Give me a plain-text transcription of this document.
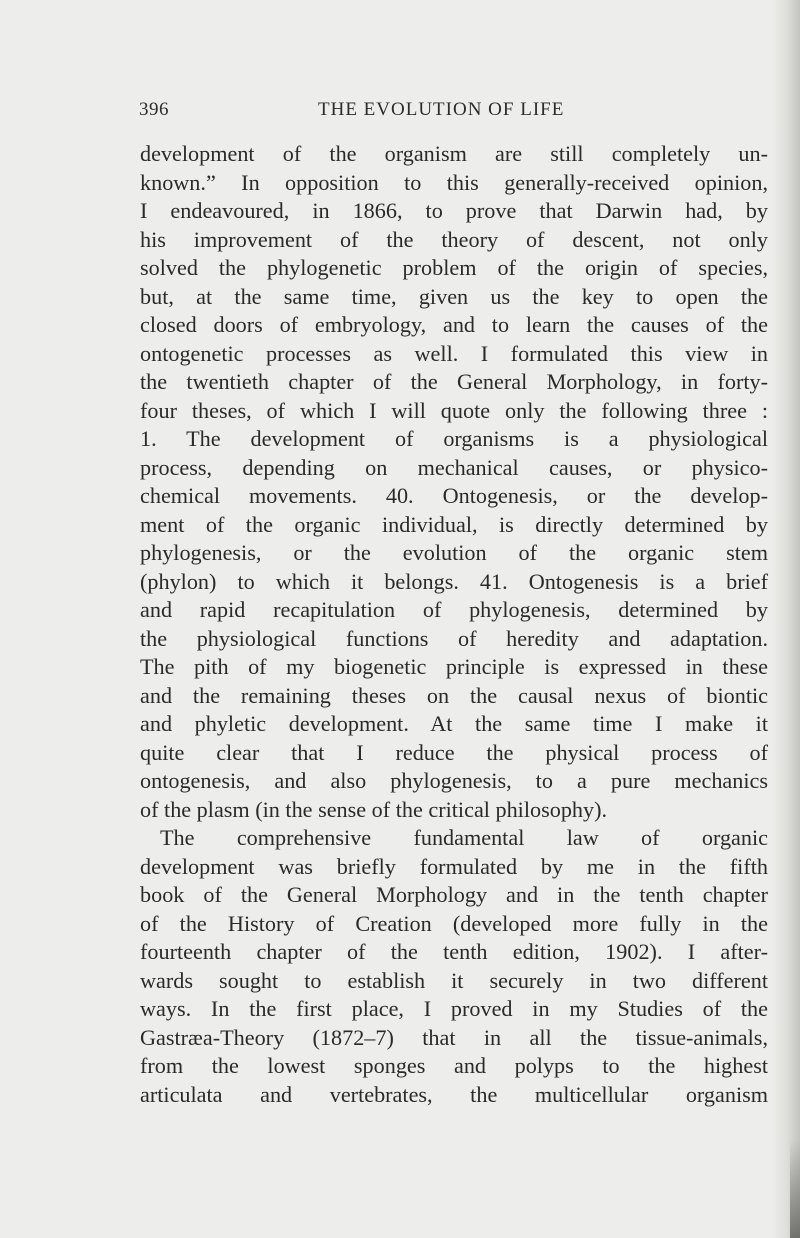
396	THE EVOLUTION OF LIFE
development of the organism are still completely un-
known.” In opposition to this generally-received opinion,
I endeavoured, in 1866, to prove that Darwin had, by
his improvement of the theory of descent, not only
solved the phylogenetic problem of the origin of species,
but, at the same time, given us the key to open the
closed doors of embryology, and to learn the causes of the
ontogenetic processes as well. I formulated this view in
the twentieth chapter of the General Morphology, in forty-
four theses, of which I will quote only the following three :
1. The development of organisms is a physiological
process, depending on mechanical causes, or physico-
chemical movements. 40. Ontogenesis, or the develop-
ment of the organic individual, is directly determined by
phylogenesis, or the evolution of the organic stem
(phylon) to which it belongs. 41. Ontogenesis is a brief
and rapid recapitulation of phylogenesis, determined by
the physiological functions of heredity and adaptation.
The pith of my biogenetic principle is expressed in these
and the remaining theses on the causal nexus of biontic
and phyletic development. At the same time I make it
quite clear that I reduce the physical process of
ontogenesis, and also phylogenesis, to a pure mechanics
of the plasm (in the sense of the critical philosophy).
The comprehensive fundamental law of organic
development was briefly formulated by me in the fifth
book of the General Morphology and in the tenth chapter
of the History of Creation (developed more fully in the
fourteenth chapter of the tenth edition, 1902). I after-
wards sought to establish it securely in two different
ways. In the first place, I proved in my Studies of the
Gastræa-Theory (1872–7) that in all the tissue-animals,
from the lowest sponges and polyps to the highest
articulata and vertebrates, the multicellular organism
